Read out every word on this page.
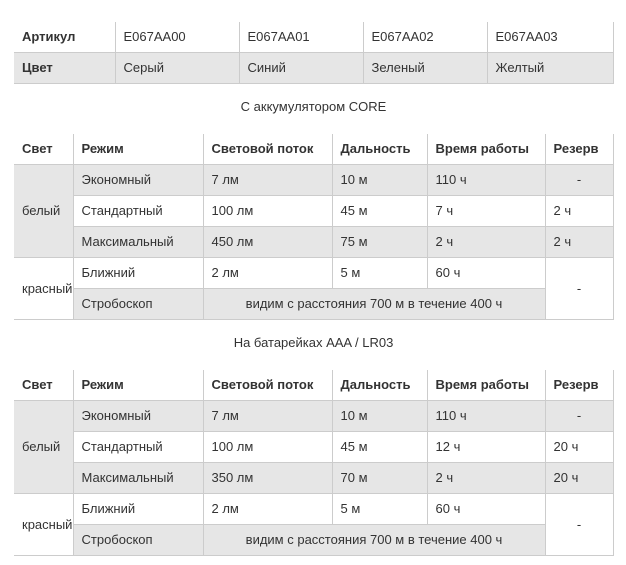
Артикул	E067AA00	E067AA01	E067AA02	E067AA03
Цвет	Серый	Синий	Зеленый	Желтый

С аккумулятором CORE

Свет	Режим	Световой поток	Дальность	Время работы	Резерв
белый	Экономный	7 лм	10 м	110 ч	-
	Стандартный	100 лм	45 м	7 ч	2 ч
	Максимальный	450 лм	75 м	2 ч	2 ч
красный	Ближний	2 лм	5 м	60 ч	-
	Стробоскоп	видим с расстояния 700 м в течение 400 ч			

На батарейках AAA / LR03

Свет	Режим	Световой поток	Дальность	Время работы	Резерв
белый	Экономный	7 лм	10 м	110 ч	-
	Стандартный	100 лм	45 м	12 ч	20 ч
	Максимальный	350 лм	70 м	2 ч	20 ч
красный	Ближний	2 лм	5 м	60 ч	-
	Стробоскоп	видим с расстояния 700 м в течение 400 ч			
